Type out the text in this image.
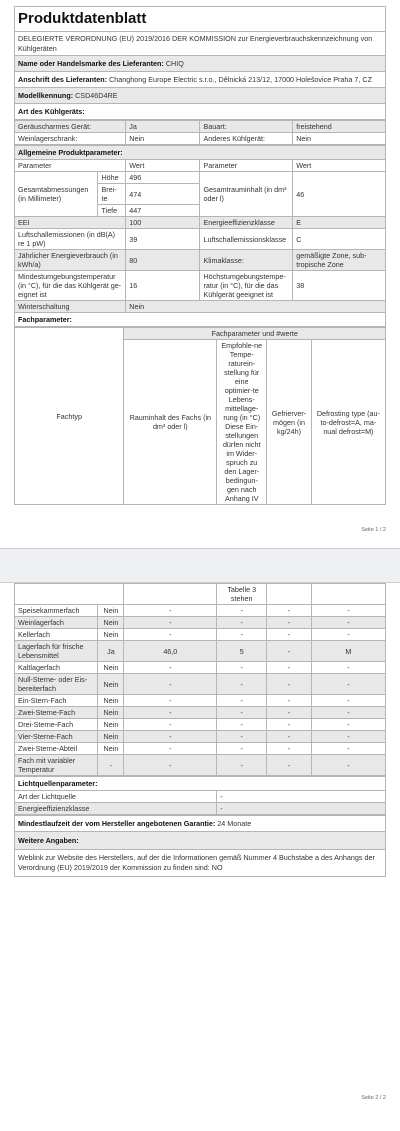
Produktdatenblatt
DELEGIERTE VERORDNUNG (EU) 2019/2016 DER KOMMISSION zur Energieverbrauchskennzeichnung von Kühlgeräten
Name oder Handelsmarke des Lieferanten: CHIQ
Anschrift des Lieferanten: Changhong Europe Electric s.r.o., Dělnická 213/12, 17000 Holešovice Praha 7, CZ
Modellkennung: CSD46D4RE
Art des Kühlgeräts:
Geräuscharmes Gerät:	Ja	Bauart:	freistehend
Weinlagerschrank:	Nein	Anderes Kühlgerät:	Nein
Allgemeine Produktparameter:				
Parameter		Wert	Parameter	Wert
Gesamtabmessungen (in Millimeter)	Höhe	496	Gesamtrauminhalt (in dm³ oder l)	46
	Brei-te	474		
	Tiefe	447		
EEI		100	Energieeffizienzklasse	E
Luftschallemissionen (in dB(A) re 1 pW)		39	Luftschallemissionsklasse	C
Jährlicher Energieverbrauch (in kWh/a)		80	Klimaklasse:	gemäßigte Zone, sub-tropische Zone
Mindestumgebungstemperatur (in °C), für die das Kühlgerät ge-eignet ist		16	Höchstumgebungstempe-ratur (in °C), für die das Kühlgerät geeignet ist	38
Winterschaltung		Nein		
Fachparameter:				
Fachtyp	Fachparameter und #werte			
	Rauminhalt des Fachs (in dm³ oder l)	Empfohle-ne Tempe-raturein-stellung für eine optimier-te Lebens-mittellage-rung (in °C) Diese Ein-stellungen dürfen nicht im Wider-spruch zu den Lager-bedingun-gen nach Anhang IV	Gefrierver-mögen (in kg/24h)	Defrosting type (au-to-defrost=A, ma-nual defrost=M)
Seite 1 / 2
			Tabelle 3 stehen		
Speisekammerfach	Nein	-	-	-	-
Weinlagerfach	Nein	-	-	-	-
Kellerfach	Nein	-	-	-	-
Lagerfach für frische Lebensmittel	Ja	46,0	5	-	M
Kaltlagerfach	Nein	-	-	-	-
Null-Sterne- oder Eis-bereiterfach	Nein	-	-	-	-
Ein-Stern-Fach	Nein	-	-	-	-
Zwei-Sterne-Fach	Nein	-	-	-	-
Drei-Sterne-Fach	Nein	-	-	-	-
Vier-Sterne-Fach	Nein	-	-	-	-
Zwei-Sterne-Abteil	Nein	-	-	-	-
Fach mit variabler Temperatur	-	-	-	-	-
Lichtquellenparameter:	
Art der Lichtquelle	-
Energieeffizienzklasse	-
Mindestlaufzeit der vom Hersteller angebotenen Garantie: 24 Monate
Weitere Angaben:
Weblink zur Website des Herstellers, auf der die Informationen gemäß Nummer 4 Buchstabe a des Anhangs der Verordnung (EU) 2019/2019 der Kommission zu finden sind: NO
Seite 2 / 2
